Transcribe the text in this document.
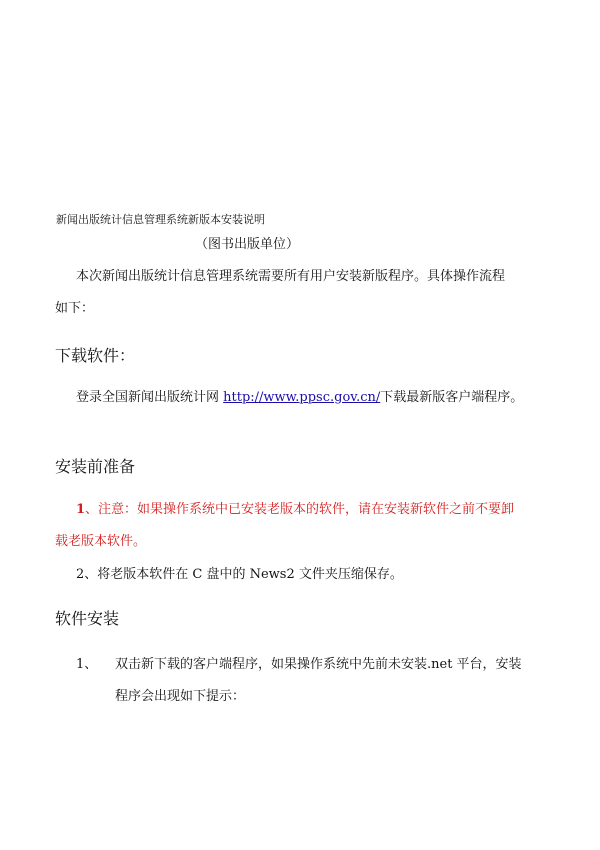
新闻出版统计信息管理系统新版本安装说明
（图书出版单位）
本次新闻出版统计信息管理系统需要所有用户安装新版程序。具体操作流程
如下：
下载软件：
登录全国新闻出版统计网 http://www.ppsc.gov.cn/下载最新版客户端程序。
安装前准备
1、注意：如果操作系统中已安装老版本的软件，请在安装新软件之前不要卸
载老版本软件。
2、将老版本软件在 C 盘中的 News2 文件夹压缩保存。
软件安装
1、 双击新下载的客户端程序，如果操作系统中先前未安装.net 平台，安装
程序会出现如下提示：
